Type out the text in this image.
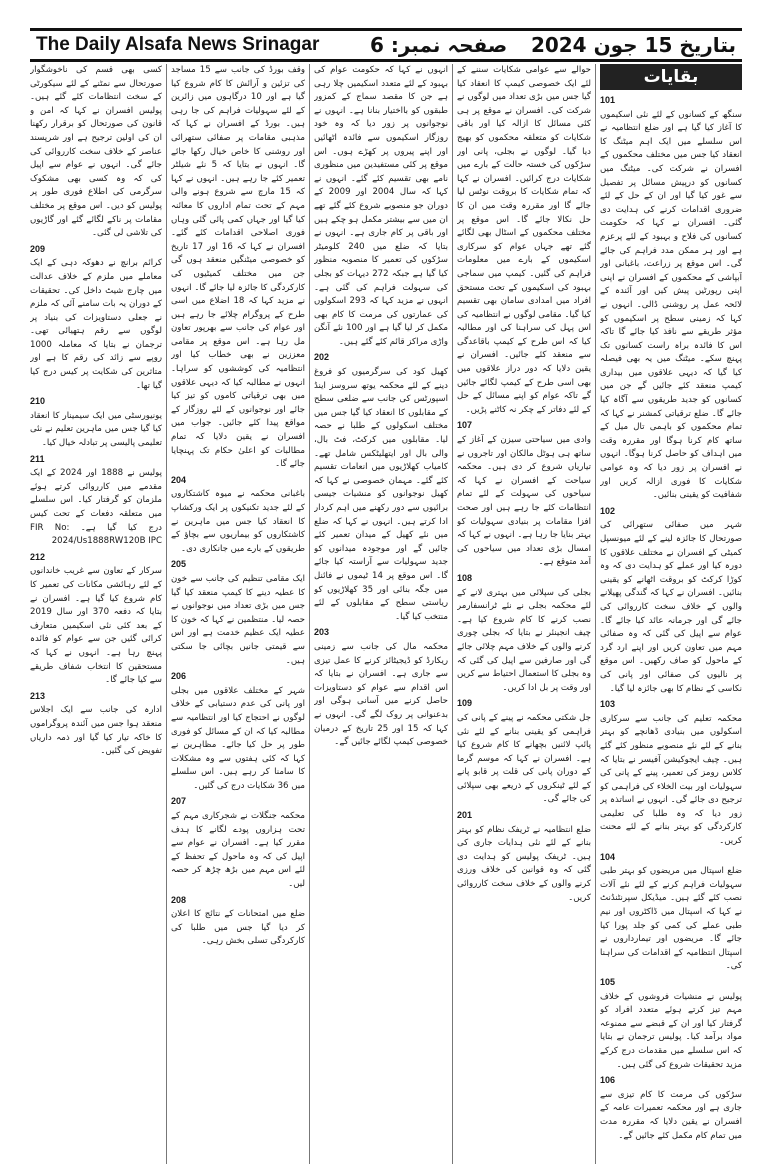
The Daily Alsafa News Srinagar	صفحہ نمبر: 6 بتاریخ 15 جون 2024
بقایات
101

سنگھ کے کسانوں کے لئے نئی اسکیموں کا آغاز کیا گیا ہے اور ضلع انتظامیہ نے اس سلسلے میں ایک اہم میٹنگ کا انعقاد کیا جس میں مختلف محکموں کے افسران نے شرکت کی۔ میٹنگ میں کسانوں کو درپیش مسائل پر تفصیل سے غور کیا گیا اور ان کے حل کے لئے ضروری اقدامات کرنے کی ہدایت دی گئی۔ افسران نے کہا کہ حکومت کسانوں کی فلاح و بہبود کے لئے پرعزم ہے اور ہر ممکن مدد فراہم کی جائے گی۔ اس موقع پر زراعت، باغبانی اور آبپاشی کے محکموں کے افسران نے اپنی اپنی رپورٹیں پیش کیں اور آئندہ کے لائحہ عمل پر روشنی ڈالی۔ انہوں نے کہا کہ زمینی سطح پر اسکیموں کو مؤثر طریقے سے نافذ کیا جائے گا تاکہ اس کا فائدہ براہ راست کسانوں تک پہنچ سکے۔ میٹنگ میں یہ بھی فیصلہ کیا گیا کہ دیہی علاقوں میں بیداری کیمپ منعقد کئے جائیں گے جن میں کسانوں کو جدید طریقوں سے آگاہ کیا جائے گا۔ ضلع ترقیاتی کمشنر نے کہا کہ تمام محکموں کو باہمی تال میل کے ساتھ کام کرنا ہوگا اور مقررہ وقت میں اہداف کو حاصل کرنا ہوگا۔ انہوں نے افسران پر زور دیا کہ وہ عوامی شکایات کا فوری ازالہ کریں اور شفافیت کو یقینی بنائیں۔

102

شہر میں صفائی ستھرائی کی صورتحال کا جائزہ لینے کے لئے میونسپل کمیٹی کے افسران نے مختلف علاقوں کا دورہ کیا اور عملے کو ہدایت دی کہ وہ کوڑا کرکٹ کو بروقت اٹھانے کو یقینی بنائیں۔ افسران نے کہا کہ گندگی پھیلانے والوں کے خلاف سخت کارروائی کی جائے گی اور جرمانہ عائد کیا جائے گا۔ عوام سے اپیل کی گئی کہ وہ صفائی مہم میں تعاون کریں اور اپنے ارد گرد کے ماحول کو صاف رکھیں۔ اس موقع پر نالیوں کی صفائی اور پانی کی نکاسی کے نظام کا بھی جائزہ لیا گیا۔

103

محکمہ تعلیم کی جانب سے سرکاری اسکولوں میں بنیادی ڈھانچے کو بہتر بنانے کے لئے نئے منصوبے منظور کئے گئے ہیں۔ چیف ایجوکیشن آفیسر نے بتایا کہ کلاس رومز کی تعمیر، پینے کے پانی کی سہولیات اور بیت الخلاء کی فراہمی کو ترجیح دی جائے گی۔ انہوں نے اساتذہ پر زور دیا کہ وہ طلبا کی تعلیمی کارکردگی کو بہتر بنانے کے لئے محنت کریں۔

104

ضلع اسپتال میں مریضوں کو بہتر طبی سہولیات فراہم کرنے کے لئے نئے آلات نصب کئے گئے ہیں۔ میڈیکل سپرنٹنڈنٹ نے کہا کہ اسپتال میں ڈاکٹروں اور نیم طبی عملے کی کمی کو جلد پورا کیا جائے گا۔ مریضوں اور تیمارداروں نے اسپتال انتظامیہ کے اقدامات کی سراہنا کی۔

105

پولیس نے منشیات فروشوں کے خلاف مہم تیز کرتے ہوئے متعدد افراد کو گرفتار کیا اور ان کے قبضے سے ممنوعہ مواد برآمد کیا۔ پولیس ترجمان نے بتایا کہ اس سلسلے میں مقدمات درج کرکے مزید تحقیقات شروع کی گئی ہیں۔

106

سڑکوں کی مرمت کا کام تیزی سے جاری ہے اور محکمہ تعمیرات عامہ کے افسران نے یقین دلایا کہ مقررہ مدت میں تمام کام مکمل کئے جائیں گے۔

حوالے سے عوامی شکایات سننے کے لئے ایک خصوصی کیمپ کا انعقاد کیا گیا جس میں بڑی تعداد میں لوگوں نے شرکت کی۔ افسران نے موقع پر ہی کئی مسائل کا ازالہ کیا اور باقی شکایات کو متعلقہ محکموں کو بھیج دیا گیا۔ لوگوں نے بجلی، پانی اور سڑکوں کی خستہ حالت کے بارے میں شکایات درج کرائیں۔ افسران نے کہا کہ تمام شکایات کا بروقت نوٹس لیا جائے گا اور مقررہ وقت میں ان کا حل نکالا جائے گا۔ اس موقع پر مختلف محکموں کے اسٹال بھی لگائے گئے تھے جہاں عوام کو سرکاری اسکیموں کے بارے میں معلومات فراہم کی گئیں۔ کیمپ میں سماجی بہبود کی اسکیموں کے تحت مستحق افراد میں امدادی سامان بھی تقسیم کیا گیا۔ مقامی لوگوں نے انتظامیہ کی اس پہل کی سراہنا کی اور مطالبہ کیا کہ اس طرح کے کیمپ باقاعدگی سے منعقد کئے جائیں۔ افسران نے یقین دلایا کہ دور دراز علاقوں میں بھی اسی طرح کے کیمپ لگائے جائیں گے تاکہ عوام کو اپنے مسائل کے حل کے لئے دفاتر کے چکر نہ کاٹنے پڑیں۔

107

وادی میں سیاحتی سیزن کے آغاز کے ساتھ ہی ہوٹل مالکان اور تاجروں نے تیاریاں شروع کر دی ہیں۔ محکمہ سیاحت کے افسران نے کہا کہ سیاحوں کی سہولت کے لئے تمام انتظامات کئے جا رہے ہیں اور صحت افزا مقامات پر بنیادی سہولیات کو بہتر بنایا جا رہا ہے۔ انہوں نے کہا کہ امسال بڑی تعداد میں سیاحوں کی آمد متوقع ہے۔

108

بجلی کی سپلائی میں بہتری لانے کے لئے محکمہ بجلی نے نئے ٹرانسفارمر نصب کرنے کا کام شروع کیا ہے۔ چیف انجینئر نے بتایا کہ بجلی چوری کرنے والوں کے خلاف مہم چلائی جائے گی اور صارفین سے اپیل کی گئی کہ وہ بجلی کا استعمال احتیاط سے کریں اور وقت پر بل ادا کریں۔

109

جل شکتی محکمہ نے پینے کے پانی کی فراہمی کو یقینی بنانے کے لئے نئی پائپ لائنیں بچھانے کا کام شروع کیا ہے۔ افسران نے کہا کہ موسم گرما کے دوران پانی کی قلت پر قابو پانے کے لئے ٹینکروں کے ذریعے بھی سپلائی کی جائے گی۔

201

ضلع انتظامیہ نے ٹریفک نظام کو بہتر بنانے کے لئے نئی ہدایات جاری کی ہیں۔ ٹریفک پولیس کو ہدایت دی گئی کہ وہ قوانین کی خلاف ورزی کرنے والوں کے خلاف سخت کارروائی کریں۔

انہوں نے کہا کہ حکومت عوام کی بہبود کے لئے متعدد اسکیمیں چلا رہی ہے جن کا مقصد سماج کے کمزور طبقوں کو بااختیار بنانا ہے۔ انہوں نے نوجوانوں پر زور دیا کہ وہ خود روزگار اسکیموں سے فائدہ اٹھائیں اور اپنے پیروں پر کھڑے ہوں۔ اس موقع پر کئی مستفیدین میں منظوری نامے بھی تقسیم کئے گئے۔ انہوں نے کہا کہ سال 2004 اور 2009 کے دوران جو منصوبے شروع کئے گئے تھے ان میں سے بیشتر مکمل ہو چکے ہیں اور باقی پر کام جاری ہے۔ انہوں نے بتایا کہ ضلع میں 240 کلومیٹر سڑکوں کی تعمیر کا منصوبہ منظور کیا گیا ہے جبکہ 272 دیہات کو بجلی کی سہولت فراہم کی گئی ہے۔ انہوں نے مزید کہا کہ 293 اسکولوں کی عمارتوں کی مرمت کا کام بھی مکمل کر لیا گیا ہے اور 100 نئے آنگن واڑی مراکز قائم کئے گئے ہیں۔

202

کھیل کود کی سرگرمیوں کو فروغ دینے کے لئے محکمہ یوتھ سروسز اینڈ اسپورٹس کی جانب سے ضلعی سطح کے مقابلوں کا انعقاد کیا گیا جس میں مختلف اسکولوں کے طلبا نے حصہ لیا۔ مقابلوں میں کرکٹ، فٹ بال، والی بال اور ایتھلیٹکس شامل تھے۔ کامیاب کھلاڑیوں میں انعامات تقسیم کئے گئے۔ مہمان خصوصی نے کہا کہ کھیل نوجوانوں کو منشیات جیسی برائیوں سے دور رکھنے میں اہم کردار ادا کرتے ہیں۔ انہوں نے کہا کہ ضلع میں نئے کھیل کے میدان تعمیر کئے جائیں گے اور موجودہ میدانوں کو جدید سہولیات سے آراستہ کیا جائے گا۔ اس موقع پر 14 ٹیموں نے فائنل میں جگہ بنائی اور 35 کھلاڑیوں کو ریاستی سطح کے مقابلوں کے لئے منتخب کیا گیا۔

203

محکمہ مال کی جانب سے زمینی ریکارڈ کو ڈیجیٹائز کرنے کا عمل تیزی سے جاری ہے۔ افسران نے بتایا کہ اس اقدام سے عوام کو دستاویزات حاصل کرنے میں آسانی ہوگی اور بدعنوانی پر روک لگے گی۔ انہوں نے کہا کہ 15 اور 25 تاریخ کے درمیان خصوصی کیمپ لگائے جائیں گے۔

وقف بورڈ کی جانب سے 15 مساجد کی تزئین و آرائش کا کام شروع کیا گیا ہے اور 10 درگاہوں میں زائرین کے لئے سہولیات فراہم کی جا رہی ہیں۔ بورڈ کے افسران نے کہا کہ مذہبی مقامات پر صفائی ستھرائی اور روشنی کا خاص خیال رکھا جائے گا۔ انہوں نے بتایا کہ 5 نئے شیلٹر تعمیر کئے جا رہے ہیں۔ انہوں نے کہا کہ 15 مارچ سے شروع ہونے والی مہم کے تحت تمام اداروں کا معائنہ کیا گیا اور جہاں کمی پائی گئی وہاں فوری اصلاحی اقدامات کئے گئے۔ افسران نے کہا کہ 16 اور 17 تاریخ کو خصوصی میٹنگیں منعقد ہوں گی جن میں مختلف کمیٹیوں کی کارکردگی کا جائزہ لیا جائے گا۔ انہوں نے مزید کہا کہ 18 اضلاع میں اسی طرح کے پروگرام چلائے جا رہے ہیں اور عوام کی جانب سے بھرپور تعاون مل رہا ہے۔ اس موقع پر مقامی معززین نے بھی خطاب کیا اور انتظامیہ کی کوششوں کو سراہا۔ انہوں نے مطالبہ کیا کہ دیہی علاقوں میں بھی ترقیاتی کاموں کو تیز کیا جائے اور نوجوانوں کے لئے روزگار کے مواقع پیدا کئے جائیں۔ جواب میں افسران نے یقین دلایا کہ تمام مطالبات کو اعلیٰ حکام تک پہنچایا جائے گا۔

204

باغبانی محکمہ نے میوہ کاشتکاروں کے لئے جدید تکنیکوں پر ایک ورکشاپ کا انعقاد کیا جس میں ماہرین نے کاشتکاروں کو بیماریوں سے بچاؤ کے طریقوں کے بارے میں جانکاری دی۔

205

ایک مقامی تنظیم کی جانب سے خون کا عطیہ دینے کا کیمپ منعقد کیا گیا جس میں بڑی تعداد میں نوجوانوں نے حصہ لیا۔ منتظمین نے کہا کہ خون کا عطیہ ایک عظیم خدمت ہے اور اس سے قیمتی جانیں بچائی جا سکتی ہیں۔

206

شہر کے مختلف علاقوں میں بجلی اور پانی کی عدم دستیابی کے خلاف لوگوں نے احتجاج کیا اور انتظامیہ سے مطالبہ کیا کہ ان کے مسائل کو فوری طور پر حل کیا جائے۔ مظاہرین نے کہا کہ کئی ہفتوں سے وہ مشکلات کا سامنا کر رہے ہیں۔ اس سلسلے میں 36 شکایات درج کی گئیں۔

207

محکمہ جنگلات نے شجرکاری مہم کے تحت ہزاروں پودے لگانے کا ہدف مقرر کیا ہے۔ افسران نے عوام سے اپیل کی کہ وہ ماحول کے تحفظ کے لئے اس مہم میں بڑھ چڑھ کر حصہ لیں۔

208

ضلع میں امتحانات کے نتائج کا اعلان کر دیا گیا جس میں طلبا کی کارکردگی تسلی بخش رہی۔

کسی بھی قسم کی ناخوشگوار صورتحال سے نمٹنے کے لئے سیکورٹی کے سخت انتظامات کئے گئے ہیں۔ پولیس افسران نے کہا کہ امن و قانون کی صورتحال کو برقرار رکھنا ان کی اولین ترجیح ہے اور شرپسند عناصر کے خلاف سخت کارروائی کی جائے گی۔ انہوں نے عوام سے اپیل کی کہ وہ کسی بھی مشکوک سرگرمی کی اطلاع فوری طور پر پولیس کو دیں۔ اس موقع پر مختلف مقامات پر ناکے لگائے گئے اور گاڑیوں کی تلاشی لی گئی۔

209

کرائم برانچ نے دھوکہ دہی کے ایک معاملے میں ملزم کے خلاف عدالت میں چارج شیٹ داخل کی۔ تحقیقات کے دوران یہ بات سامنے آئی کہ ملزم نے جعلی دستاویزات کی بنیاد پر لوگوں سے رقم ہتھیائی تھی۔ ترجمان نے بتایا کہ معاملہ 1000 روپے سے زائد کی رقم کا ہے اور متاثرین کی شکایت پر کیس درج کیا گیا تھا۔

210

یونیورسٹی میں ایک سیمینار کا انعقاد کیا گیا جس میں ماہرین تعلیم نے نئی تعلیمی پالیسی پر تبادلہ خیال کیا۔

211

پولیس نے 1888 اور 2024 کے ایک مقدمے میں کارروائی کرتے ہوئے ملزمان کو گرفتار کیا۔ اس سلسلے میں متعلقہ دفعات کے تحت کیس درج کیا گیا ہے۔ FIR No: 2024/Us1888RW120B IPC

212

سرکار کے تعاون سے غریب خاندانوں کے لئے رہائشی مکانات کی تعمیر کا کام شروع کیا گیا ہے۔ افسران نے بتایا کہ دفعہ 370 اور سال 2019 کے بعد کئی نئی اسکیمیں متعارف کرائی گئیں جن سے عوام کو فائدہ پہنچ رہا ہے۔ انہوں نے کہا کہ مستحقین کا انتخاب شفاف طریقے سے کیا جائے گا۔

213

ادارہ کی جانب سے ایک اجلاس منعقد ہوا جس میں آئندہ پروگراموں کا خاکہ تیار کیا گیا اور ذمہ داریاں تفویض کی گئیں۔
